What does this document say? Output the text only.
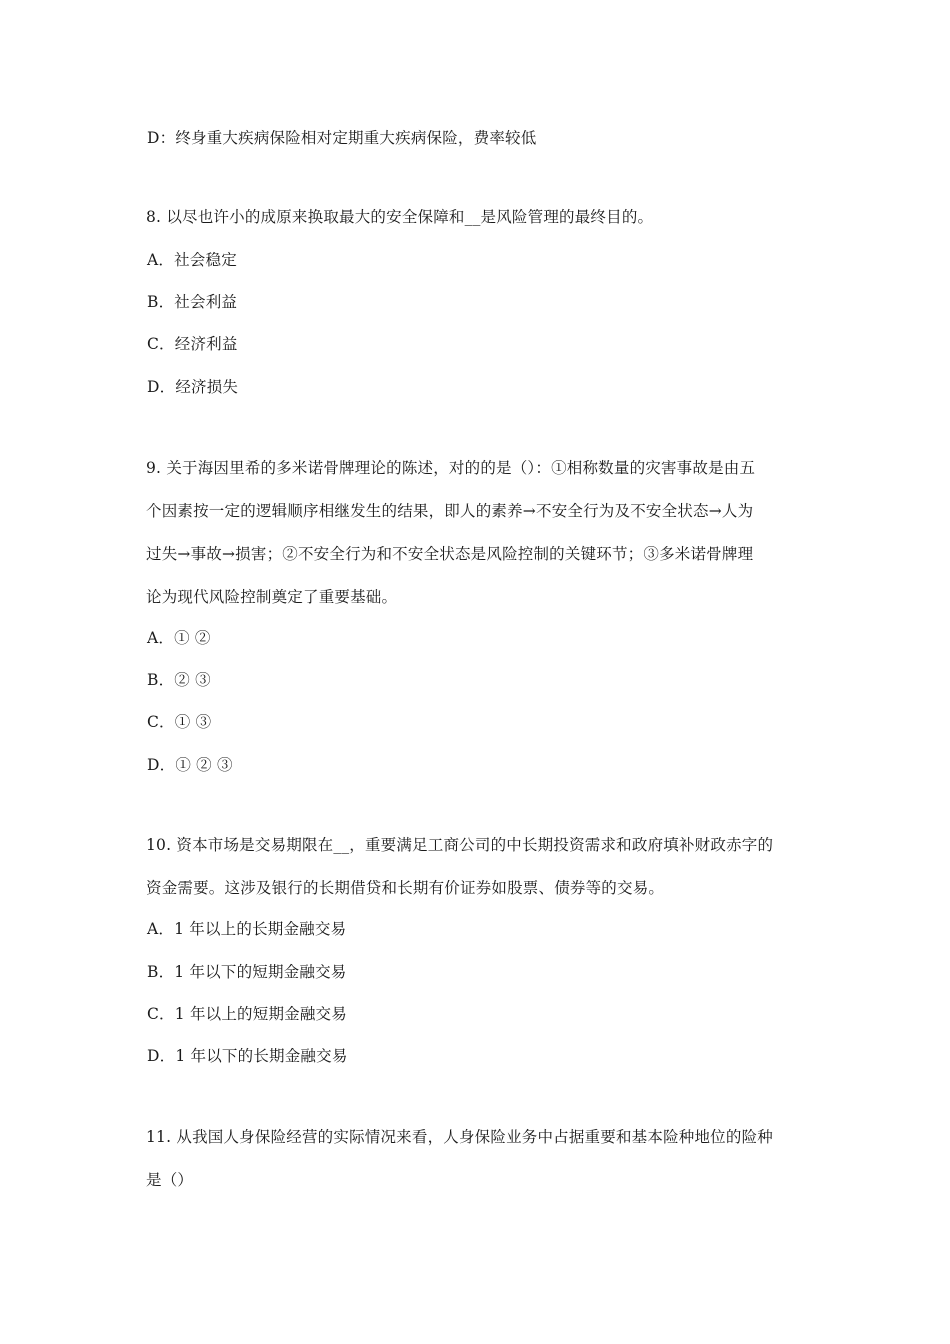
D：终身重大疾病保险相对定期重大疾病保险，费率较低
8. 以尽也许小的成原来换取最大的安全保障和__是风险管理的最终目的。
A．社会稳定
B．社会利益
C．经济利益
D．经济损失
9. 关于海因里希的多米诺骨牌理论的陈述，对的的是（）：①相称数量的灾害事故是由五
个因素按一定的逻辑顺序相继发生的结果，即人的素养→不安全行为及不安全状态→人为
过失→事故→损害；②不安全行为和不安全状态是风险控制的关键环节；③多米诺骨牌理
论为现代风险控制奠定了重要基础。
A．① ②
B．② ③
C．① ③
D．① ② ③
10. 资本市场是交易期限在__，重要满足工商公司的中长期投资需求和政府填补财政赤字的
资金需要。这涉及银行的长期借贷和长期有价证券如股票、债券等的交易。
A．1 年以上的长期金融交易
B．1 年以下的短期金融交易
C．1 年以上的短期金融交易
D．1 年以下的长期金融交易
11. 从我国人身保险经营的实际情况来看，人身保险业务中占据重要和基本险种地位的险种
是（）
